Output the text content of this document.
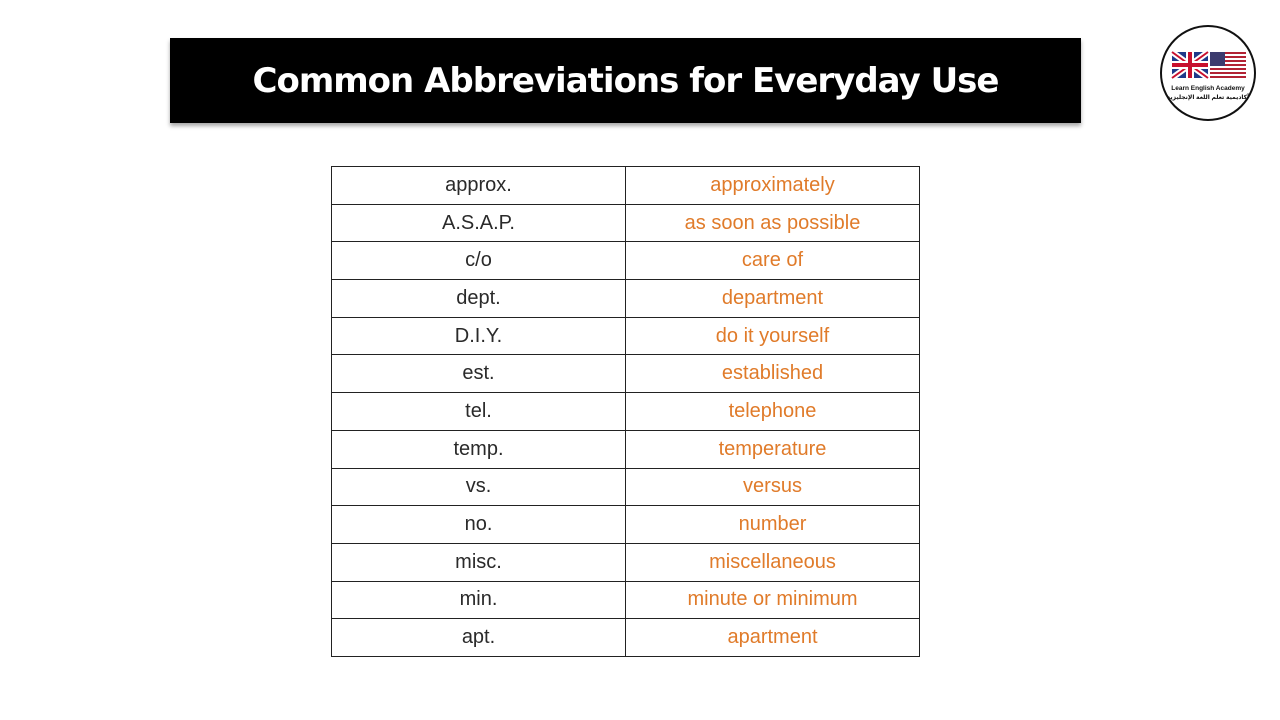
Common Abbreviations for Everyday Use	Learn English Academy
أكاديمية تعلم اللغة الإنجليزية
approx.	approximately
A.S.A.P.	as soon as possible
c/o	care of
dept.	department
D.I.Y.	do it yourself
est.	established
tel.	telephone
temp.	temperature
vs.	versus
no.	number
misc.	miscellaneous
min.	minute or minimum
apt.	apartment
